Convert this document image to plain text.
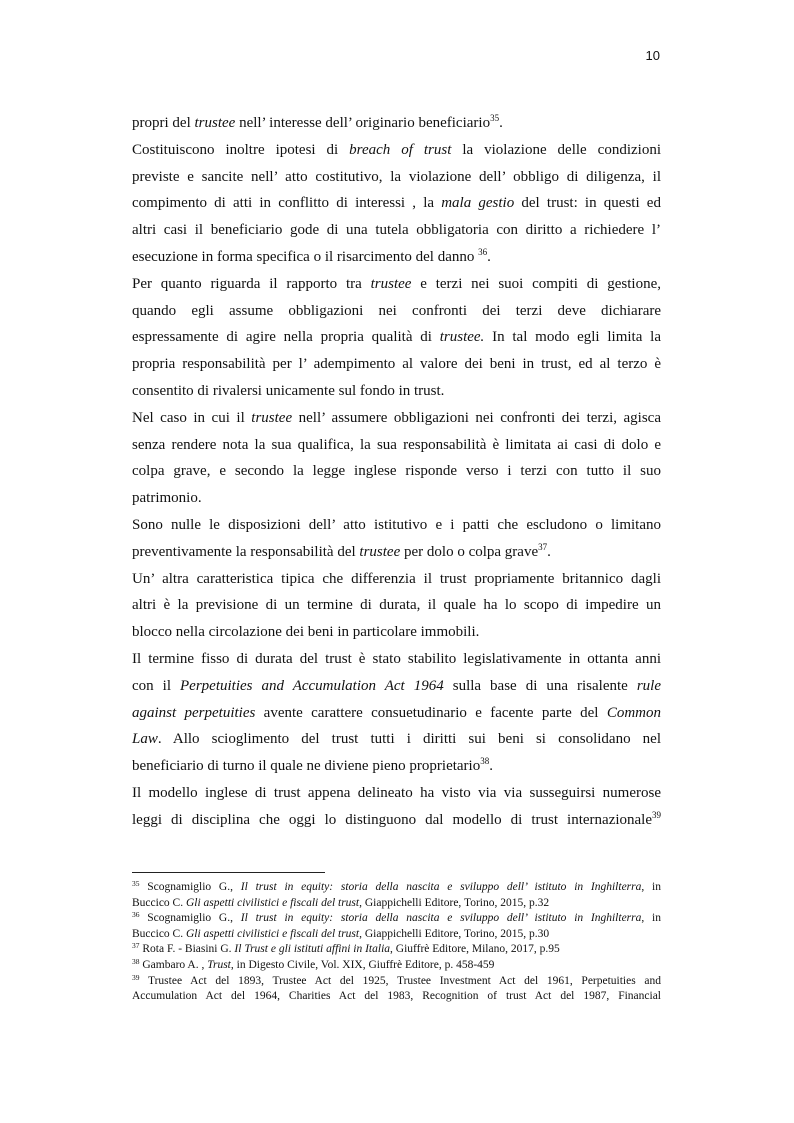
10
propri del trustee nell’ interesse dell’ originario beneficiario$^{35}$.
Costituiscono inoltre ipotesi di breach of trust la violazione delle condizioni
previste e sancite nell’ atto costitutivo, la violazione dell’ obbligo di diligenza, il
compimento di atti in conflitto di interessi , la mala gestio del trust: in questi ed
altri casi il beneficiario gode di una tutela obbligatoria con diritto a richiedere l’
esecuzione in forma specifica o il risarcimento del danno $^{36}$.
Per quanto riguarda il rapporto tra trustee e terzi nei suoi compiti di gestione,
quando egli assume obbligazioni nei confronti dei terzi deve dichiarare
espressamente di agire nella propria qualità di trustee. In tal modo egli limita la
propria responsabilità per l’ adempimento al valore dei beni in trust, ed al terzo è
consentito di rivalersi unicamente sul fondo in trust.
Nel caso in cui il trustee nell’ assumere obbligazioni nei confronti dei terzi, agisca
senza rendere nota la sua qualifica, la sua responsabilità è limitata ai casi di dolo e
colpa grave, e secondo la legge inglese risponde verso i terzi con tutto il suo
patrimonio.
Sono nulle le disposizioni dell’ atto istitutivo e i patti che escludono o limitano
preventivamente la responsabilità del trustee per dolo o colpa grave$^{37}$.
Un’ altra caratteristica tipica che differenzia il trust propriamente britannico dagli
altri è la previsione di un termine di durata, il quale ha lo scopo di impedire un
blocco nella circolazione dei beni in particolare immobili.
Il termine fisso di durata del trust è stato stabilito legislativamente in ottanta anni
con il Perpetuities and Accumulation Act 1964 sulla base di una risalente rule
against perpetuities avente carattere consuetudinario e facente parte del Common
Law. Allo scioglimento del trust tutti i diritti sui beni si consolidano nel
beneficiario di turno il quale ne diviene pieno proprietario$^{38}$.
Il modello inglese di trust appena delineato ha visto via via susseguirsi numerose
leggi di disciplina che oggi lo distinguono dal modello di trust internazionale$^{39}$
$^{35}$ Scognamiglio G., Il trust in equity: storia della nascita e sviluppo dell’ istituto in Inghilterra, in
Buccico C. Gli aspetti civilistici e fiscali del trust, Giappichelli Editore, Torino, 2015, p.32
$^{36}$ Scognamiglio G., Il trust in equity: storia della nascita e sviluppo dell’ istituto in Inghilterra, in
Buccico C. Gli aspetti civilistici e fiscali del trust, Giappichelli Editore, Torino, 2015, p.30
$^{37}$ Rota F. - Biasini G. Il Trust e gli istituti affini in Italia, Giuffrè Editore, Milano, 2017, p.95
$^{38}$ Gambaro A. , Trust, in Digesto Civile, Vol. XIX, Giuffrè Editore, p. 458-459
$^{39}$ Trustee Act del 1893, Trustee Act del 1925, Trustee Investment Act del 1961, Perpetuities and
Accumulation Act del 1964, Charities Act del 1983, Recognition of trust Act del 1987, Financial
